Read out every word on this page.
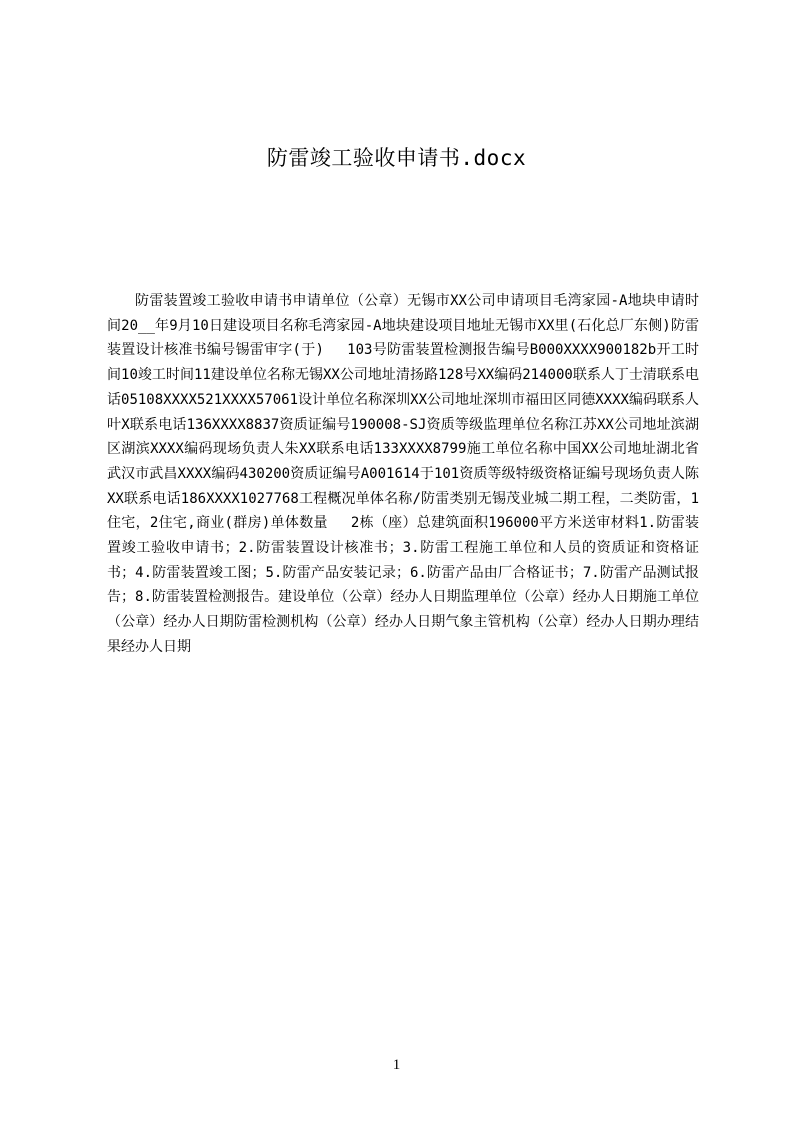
防雷竣工验收申请书.docx

防雷装置竣工验收申请书申请单位（公章）无锡市XX公司申请项目毛湾家园-A地块申请时间20__年9月10日建设项目名称毛湾家园-A地块建设项目地址无锡市XX里(石化总厂东侧)防雷装置设计核准书编号锡雷审字(于)　 103号防雷装置检测报告编号B000XXXX900182b开工时间10竣工时间11建设单位名称无锡XX公司地址清扬路128号XX编码214000联系人丁士清联系电话05108XXXX521XXXX57061设计单位名称深圳XX公司地址深圳市福田区同德XXXX编码联系人叶X联系电话136XXXX8837资质证编号190008-SJ资质等级监理单位名称江苏XX公司地址滨湖区湖滨XXXX编码现场负责人朱XX联系电话133XXXX8799施工单位名称中国XX公司地址湖北省武汉市武昌XXXX编码430200资质证编号A001614于101资质等级特级资格证编号现场负责人陈XX联系电话186XXXX1027768工程概况单体名称/防雷类别无锡茂业城二期工程，二类防雷，1住宅，2住宅,商业(群房)单体数量　 2栋（座）总建筑面积196000平方米送审材料1.防雷装置竣工验收申请书；2.防雷装置设计核准书；3.防雷工程施工单位和人员的资质证和资格证书；4.防雷装置竣工图；5.防雷产品安装记录；6.防雷产品由厂合格证书；7.防雷产品测试报告；8.防雷装置检测报告。建设单位（公章）经办人日期监理单位（公章）经办人日期施工单位（公章）经办人日期防雷检测机构（公章）经办人日期气象主管机构（公章）经办人日期办理结果经办人日期

1
